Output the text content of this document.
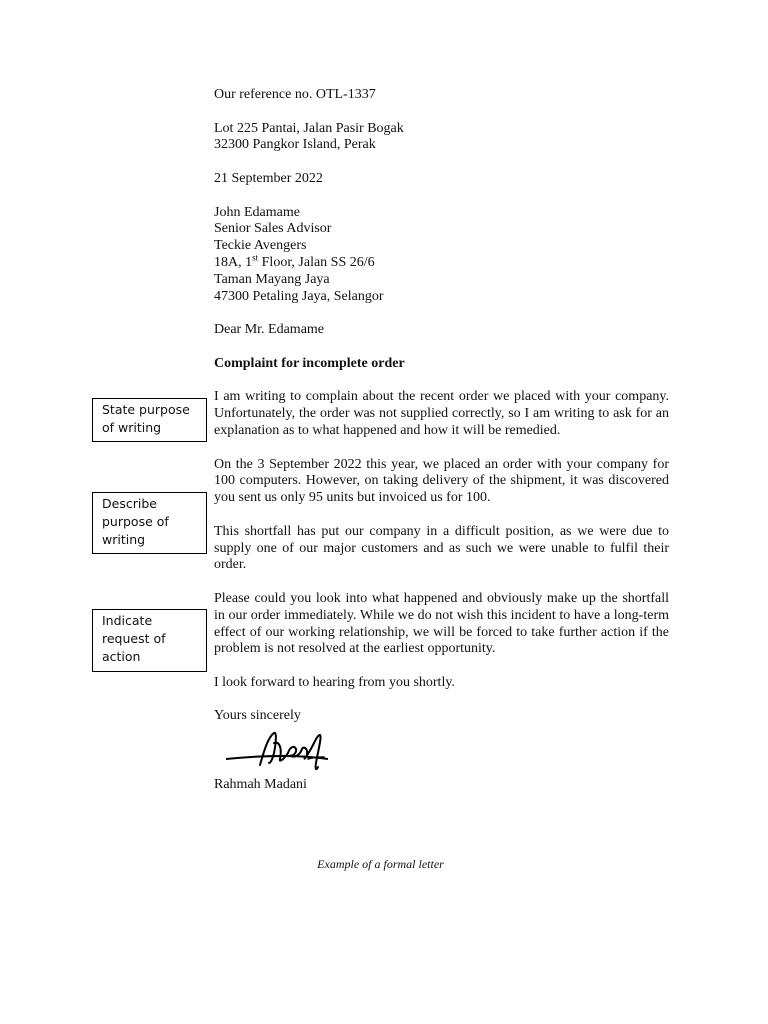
Our reference no. OTL-1337

Lot 225 Pantai, Jalan Pasir Bogak

32300 Pangkor Island, Perak

21 September 2022

John Edamame

Senior Sales Advisor

Teckie Avengers

18A, 1st Floor, Jalan SS 26/6

Taman Mayang Jaya

47300 Petaling Jaya, Selangor

Dear Mr. Edamame

Complaint for incomplete order

I am writing to complain about the recent order we placed with your company. Unfortunately, the order was not supplied correctly, so I am writing to ask for an explanation as to what happened and how it will be remedied.

On the 3 September 2022 this year, we placed an order with your company for 100 computers. However, on taking delivery of the shipment, it was discovered you sent us only 95 units but invoiced us for 100.

This shortfall has put our company in a difficult position, as we were due to supply one of our major customers and as such we were unable to fulfil their order.

Please could you look into what happened and obviously make up the shortfall in our order immediately. While we do not wish this incident to have a long-term effect of our working relationship, we will be forced to take further action if the problem is not resolved at the earliest opportunity.

I look forward to hearing from you shortly.

Yours sincerely

Rahmah Madani

Example of a formal letter
State purpose
of writing
Describe
purpose of
writing
Indicate
request of
action
